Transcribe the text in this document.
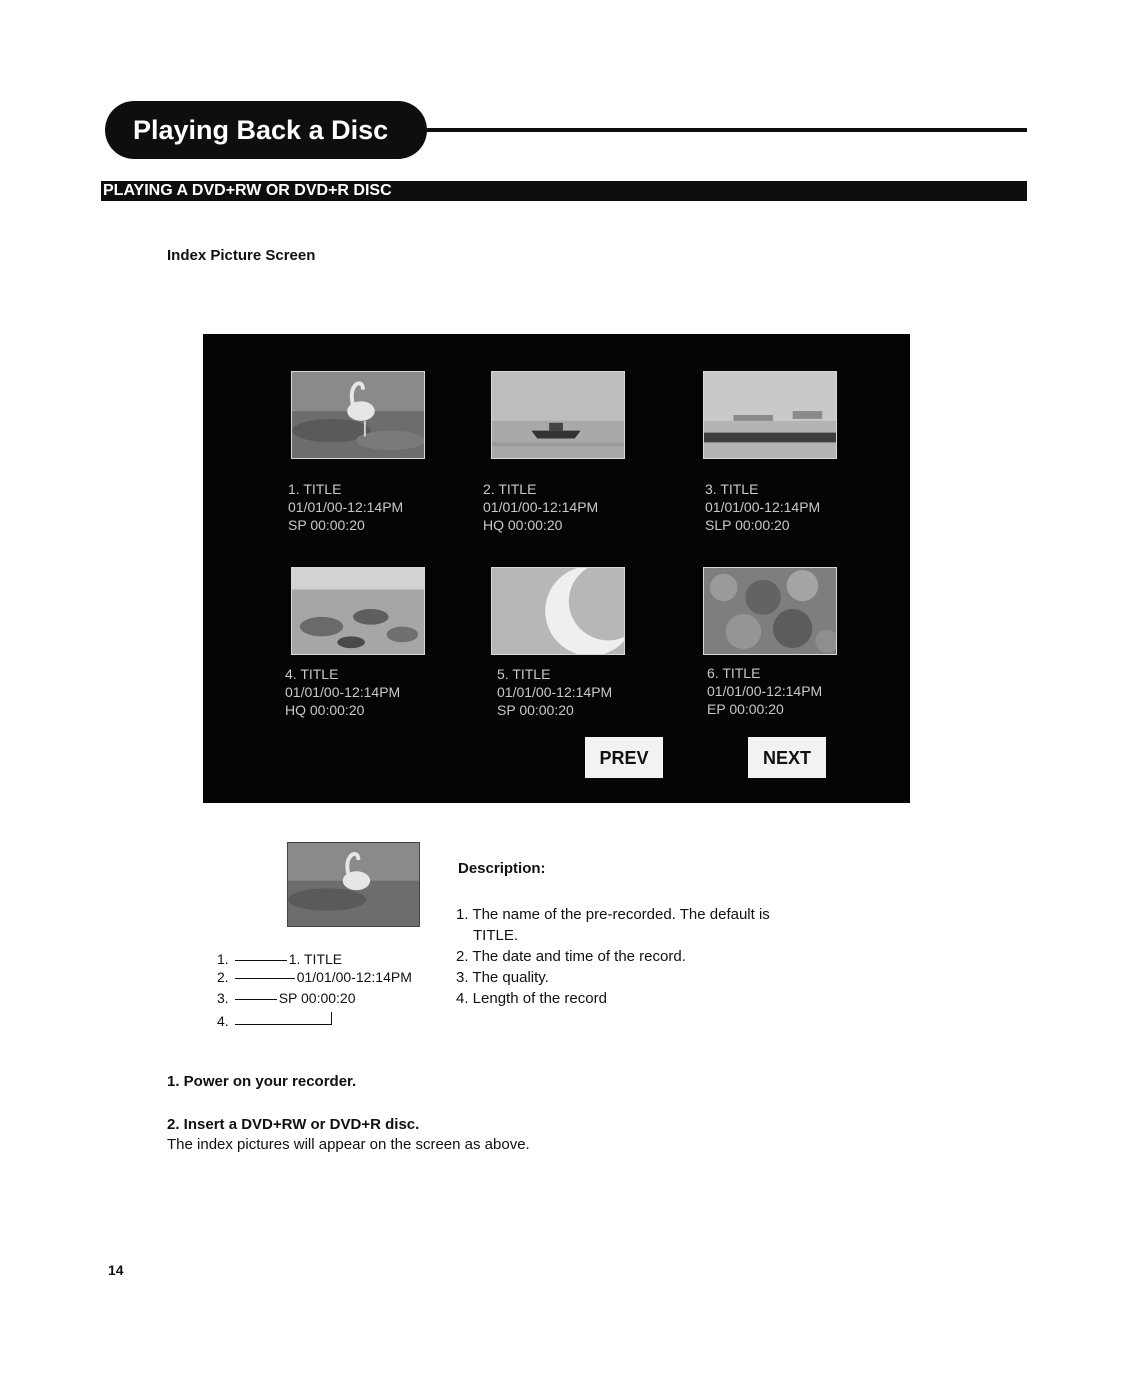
Playing Back a Disc
PLAYING A DVD+RW OR DVD+R DISC
Index Picture Screen
1. TITLE
01/01/00-12:14PM
SP 00:00:20
2. TITLE
01/01/00-12:14PM
HQ 00:00:20
3. TITLE
01/01/00-12:14PM
SLP 00:00:20
4. TITLE
01/01/00-12:14PM
HQ 00:00:20
5. TITLE
01/01/00-12:14PM
SP 00:00:20
6. TITLE
01/01/00-12:14PM
EP 00:00:20
PREV	NEXT
1.	1. TITLE
2.	01/01/00-12:14PM
3.	SP 00:00:20
4.
Description:
1. The name of the pre-recorded. The default is
TITLE.
2. The date and time of the record.
3. The quality.
4. Length of the record
1. Power on your recorder.
2. Insert a DVD+RW or DVD+R disc.
The index pictures will appear on the screen as above.
14
